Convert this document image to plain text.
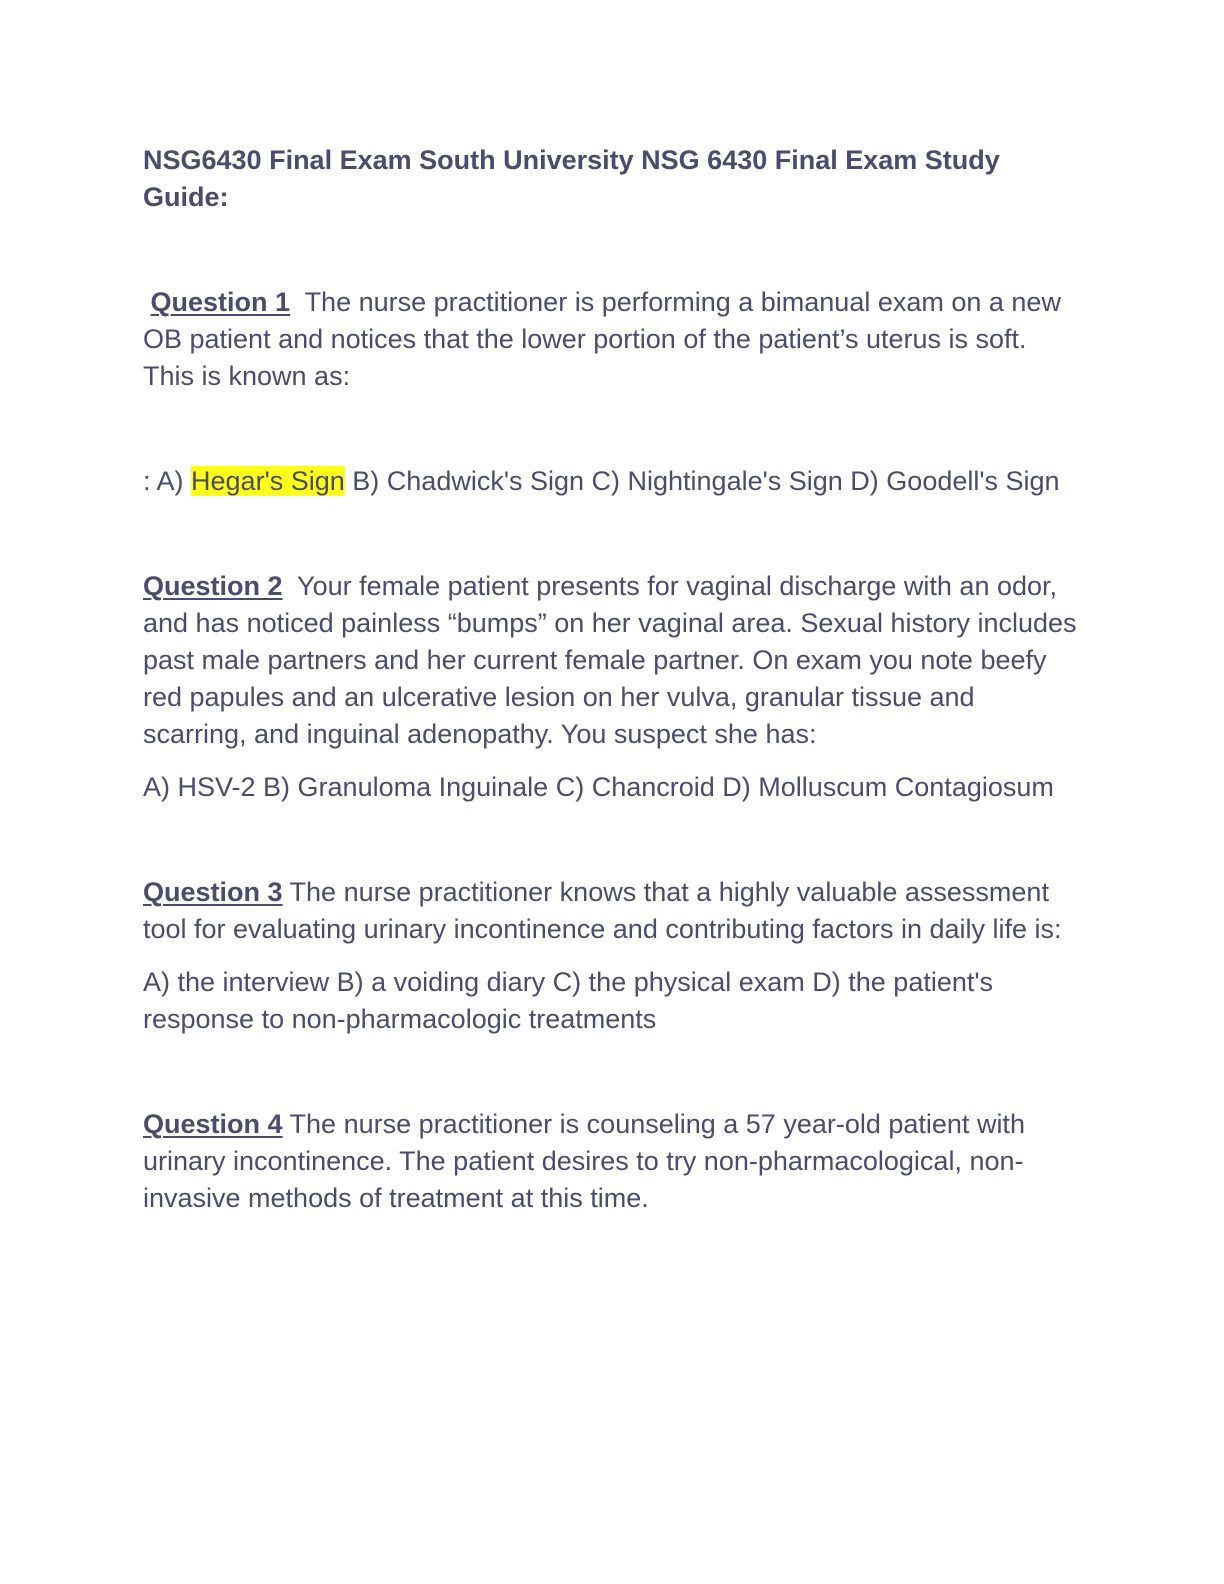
NSG6430 Final Exam South University NSG 6430 Final Exam Study Guide:

Question 1 The nurse practitioner is performing a bimanual exam on a new OB patient and notices that the lower portion of the patient’s uterus is soft. This is known as:

: A) Hegar's Sign B) Chadwick's Sign C) Nightingale's Sign D) Goodell's Sign

Question 2 Your female patient presents for vaginal discharge with an odor, and has noticed painless “bumps” on her vaginal area. Sexual history includes past male partners and her current female partner. On exam you note beefy red papules and an ulcerative lesion on her vulva, granular tissue and scarring, and inguinal adenopathy. You suspect she has:

A) HSV-2 B) Granuloma Inguinale C) Chancroid D) Molluscum Contagiosum

Question 3 The nurse practitioner knows that a highly valuable assessment tool for evaluating urinary incontinence and contributing factors in daily life is:

A) the interview B) a voiding diary C) the physical exam D) the patient's response to non-pharmacologic treatments

Question 4 The nurse practitioner is counseling a 57 year-old patient with urinary incontinence. The patient desires to try non-pharmacological, non-invasive methods of treatment at this time.
